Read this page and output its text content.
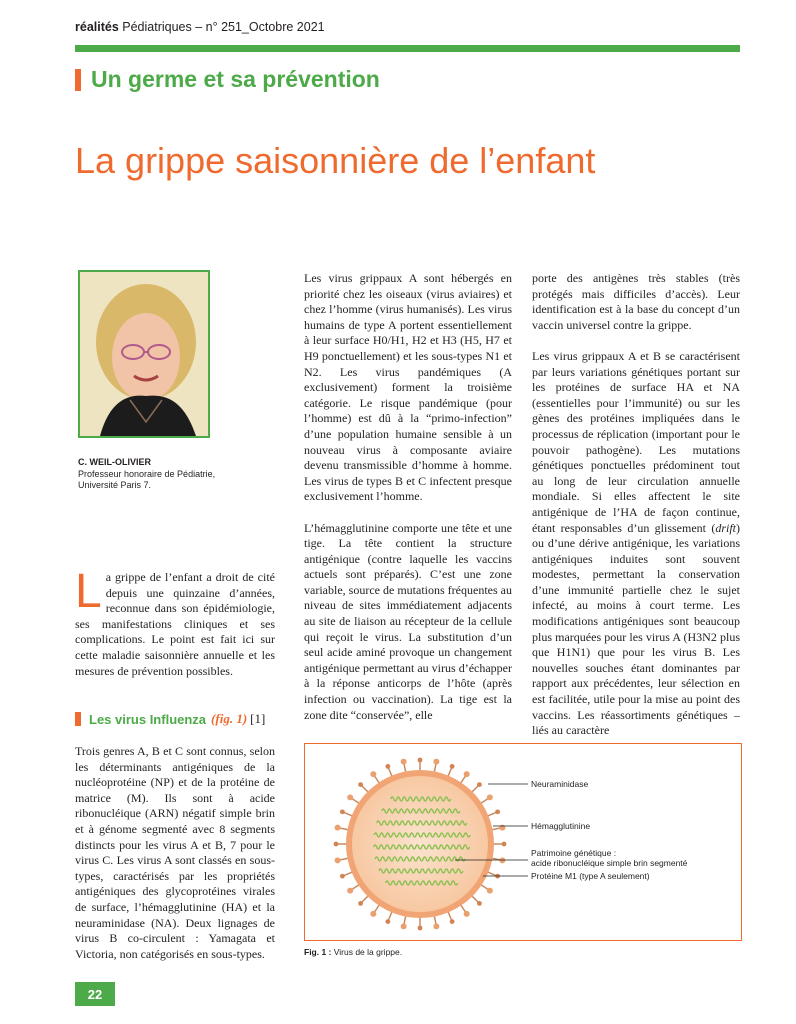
réalités Pédiatriques – n° 251_Octobre 2021
Un germe et sa prévention
La grippe saisonnière de l’enfant
C. WEIL-OLIVIER
Professeur honoraire de Pédiatrie,
Université Paris 7.
La grippe de l’enfant a droit de cité depuis une quinzaine d’années, reconnue dans son épidémiologie, ses manifestations cliniques et ses complications. Le point est fait ici sur cette maladie saisonnière annuelle et les mesures de prévention possibles.
Les virus Influenza (fig. 1) [1]

Trois genres A, B et C sont connus, selon les déterminants antigéniques de la nucléoprotéine (NP) et de la protéine de matrice (M). Ils sont à acide ribonucléique (ARN) négatif simple brin et à génome segmenté avec 8 segments distincts pour les virus A et B, 7 pour le virus C. Les virus A sont classés en sous-types, caractérisés par les propriétés antigéniques des glycoprotéines virales de surface, l’hémagglutinine (HA) et la neuraminidase (NA). Deux lignages de virus B co-circulent : Yamagata et Victoria, non catégorisés en sous-types.

Les virus grippaux A sont hébergés en priorité chez les oiseaux (virus aviaires) et chez l’homme (virus humanisés). Les virus humains de type A portent essentiellement à leur surface H0/H1, H2 et H3 (H5, H7 et H9 ponctuellement) et les sous-types N1 et N2. Les virus pandémiques (A exclusivement) forment la troisième catégorie. Le risque pandémique (pour l’homme) est dû à la “primo-infection” d’une population humaine sensible à un nouveau virus à composante aviaire devenu transmissible d’homme à homme. Les virus de types B et C infectent presque exclusivement l’homme.

L’hémagglutinine comporte une tête et une tige. La tête contient la structure antigénique (contre laquelle les vaccins actuels sont préparés). C’est une zone variable, source de mutations fréquentes au niveau de sites immédiatement adjacents au site de liaison au récepteur de la cellule qui reçoit le virus. La substitution d’un seul acide aminé provoque un changement antigénique permettant au virus d’échapper à la réponse anticorps de l’hôte (après infection ou vaccination). La tige est la zone dite “conservée”, elle

porte des antigènes très stables (très protégés mais difficiles d’accès). Leur identification est à la base du concept d’un vaccin universel contre la grippe.

Les virus grippaux A et B se caractérisent par leurs variations génétiques portant sur les protéines de surface HA et NA (essentielles pour l’immunité) ou sur les gènes des protéines impliquées dans le processus de réplication (important pour le pouvoir pathogène). Les mutations génétiques ponctuelles prédominent tout au long de leur circulation annuelle mondiale. Si elles affectent le site antigénique de l’HA de façon continue, étant responsables d’un glissement (drift) ou d’une dérive antigénique, les variations antigéniques induites sont souvent modestes, permettant la conservation d’une immunité partielle chez le sujet infecté, au moins à court terme. Les modifications antigéniques sont beaucoup plus marquées pour les virus A (H3N2 plus que H1N1) que pour les virus B. Les nouvelles souches étant dominantes par rapport aux précédentes, leur sélection en est facilitée, utile pour la mise au point des vaccins. Les réassortiments génétiques – liés au caractère

Neuraminidase
Hémagglutinine
Patrimoine génétique :
acide ribonucléique simple brin segmenté
Protéine M1 (type A seulement)
Fig. 1 : Virus de la grippe.
22
